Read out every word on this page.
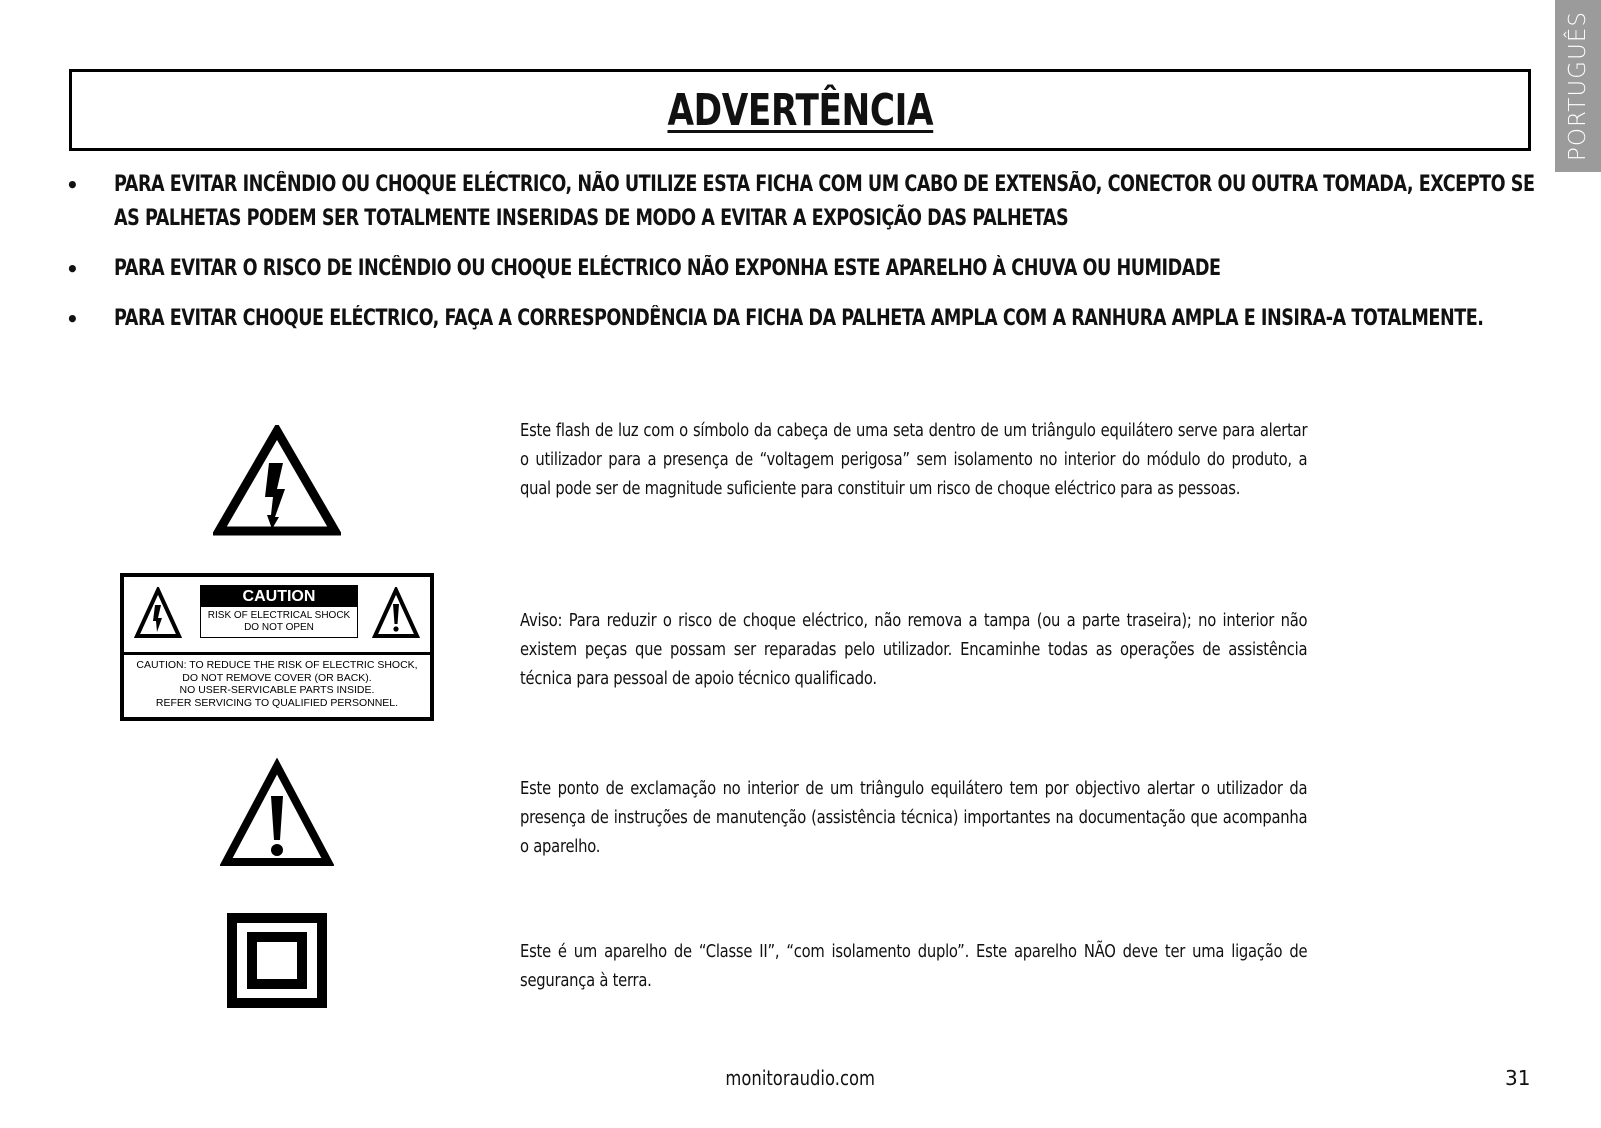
PORTUGUÊS
ADVERTÊNCIA
• PARA EVITAR INCÊNDIO OU CHOQUE ELÉCTRICO, NÃO UTILIZE ESTA FICHA COM UM CABO DE EXTENSÃO, CONECTOR OU OUTRA TOMADA, EXCEPTO SE AS PALHETAS PODEM SER TOTALMENTE INSERIDAS DE MODO A EVITAR A EXPOSIÇÃO DAS PALHETAS
• PARA EVITAR O RISCO DE INCÊNDIO OU CHOQUE ELÉCTRICO NÃO EXPONHA ESTE APARELHO À CHUVA OU HUMIDADE
• PARA EVITAR CHOQUE ELÉCTRICO, FAÇA A CORRESPONDÊNCIA DA FICHA DA PALHETA AMPLA COM A RANHURA AMPLA E INSIRA-A TOTALMENTE.
Este flash de luz com o símbolo da cabeça de uma seta dentro de um triângulo equilátero serve para alertar o utilizador para a presença de “voltagem perigosa” sem isolamento no interior do módulo do produto, a qual pode ser de magnitude suficiente para constituir um risco de choque eléctrico para as pessoas.
CAUTION
RISK OF ELECTRICAL SHOCK
DO NOT OPEN
CAUTION: TO REDUCE THE RISK OF ELECTRIC SHOCK,
DO NOT REMOVE COVER (OR BACK).
NO USER-SERVICABLE PARTS INSIDE.
REFER SERVICING TO QUALIFIED PERSONNEL.
Aviso: Para reduzir o risco de choque eléctrico, não remova a tampa (ou a parte traseira); no interior não existem peças que possam ser reparadas pelo utilizador. Encaminhe todas as operações de assistência técnica para pessoal de apoio técnico qualificado.
Este ponto de exclamação no interior de um triângulo equilátero tem por objectivo alertar o utilizador da presença de instruções de manutenção (assistência técnica) importantes na documentação que acompanha o aparelho.
Este é um aparelho de “Classe II”, “com isolamento duplo”. Este aparelho NÃO deve ter uma ligação de segurança à terra.
monitoraudio.com	31
